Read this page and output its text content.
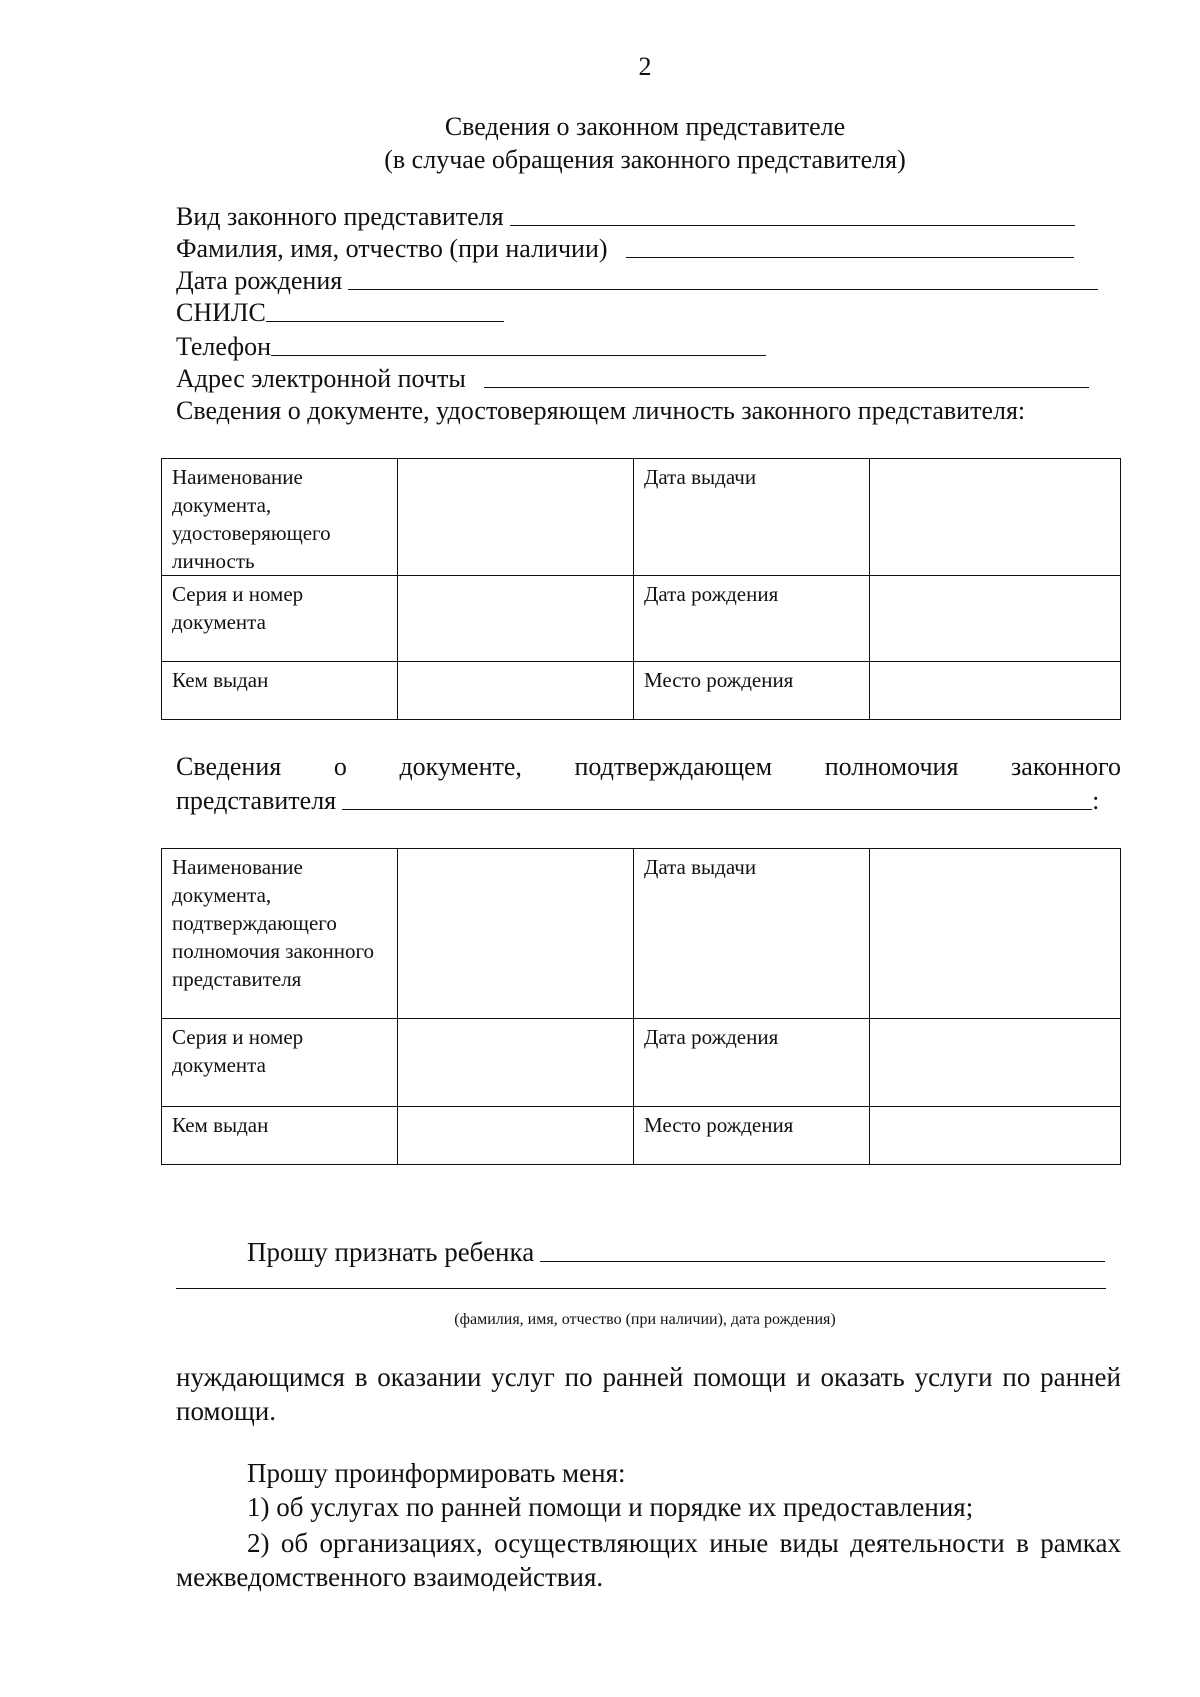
2
Сведения о законном представителе
(в случае обращения законного представителя)
Вид законного представителя
Фамилия, имя, отчество (при наличии)
Дата рождения
СНИЛС
Телефон
Адрес электронной почты
Сведения о документе, удостоверяющем личность законного представителя:
Наименование документа, удостоверяющего личность		Дата выдачи	
Серия и номер документа		Дата рождения	
Кем выдан		Место рождения	
Сведения о документе, подтверждающем полномочия законного
представителя	:
Наименование документа, подтверждающего полномочия законного представителя		Дата выдачи	
Серия и номер документа		Дата рождения	
Кем выдан		Место рождения	
Прошу признать ребенка
(фамилия, имя, отчество (при наличии), дата рождения)
нуждающимся в оказании услуг по ранней помощи и оказать услуги по ранней помощи.
Прошу проинформировать меня:
1) об услугах по ранней помощи и порядке их предоставления;
2) об организациях, осуществляющих иные виды деятельности в рамках межведомственного взаимодействия.
